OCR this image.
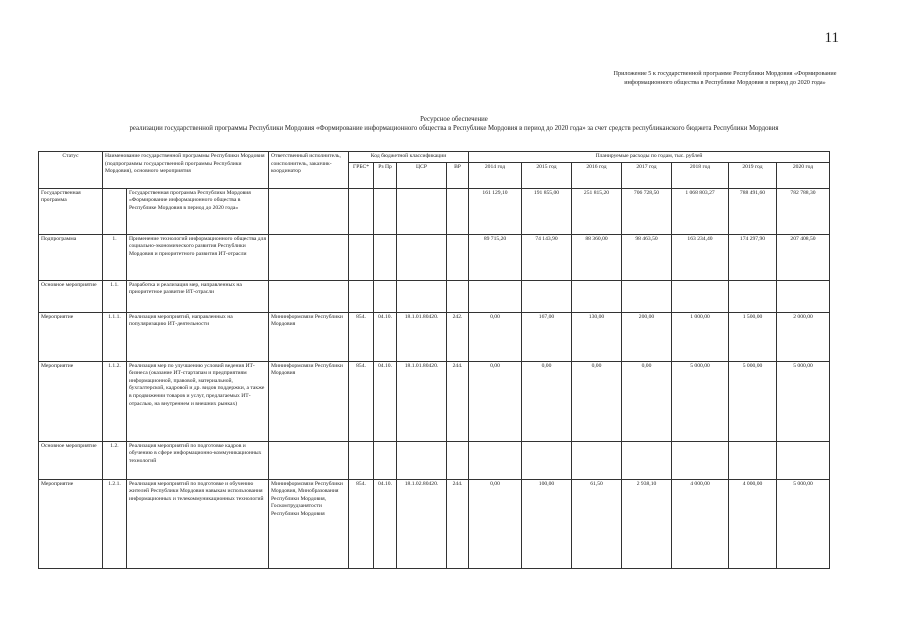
11
Приложение 5 к государственной программе Республики Мордовия «Формирование информационного общества в Республике Мордовия в период до 2020 года»
Ресурсное обеспечение
реализации государственной программы Республики Мордовия «Формирование информационного общества в Республике Мордовия в период до 2020 года» за счет средств республиканского бюджета Республики Мордовия
Статус	Наименование государственной программы Республики Мордовия (подпрограммы государственной программы Республики Мордовия), основного мероприятия		Ответственный исполнитель, соисполнитель, заказчик-координатор	Код бюджетной классификации				Планируемые расходы по годам, тыс. рублей						
				ГРБС*	Рз Пр	ЦСР	ВР	2014 год	2015 год	2016 год	2017 год	2018 год	2019 год	2020 год
Государственная программа		Государственная программа Республики Мордовия «Формирование информационного общества в Республике Мордовия в период до 2020 года»						161 129,10	191 855,00	251 815,20	706 728,50	1 068 803,27	788 491,60	782 788,30
Подпрограмма	1.	Применение технологий информационного общества для социально-экономического развития Республики Мордовия и приоритетного развития ИТ-отрасли						89 715,20	74 143,90	88 360,00	98 463,50	163 234,40	174 297,90	207 408,50
Основное мероприятие	1.1.	Разработка и реализация мер, направленных на приоритетное развитие ИТ-отрасли												
Мероприятие	1.1.1.	Реализация мероприятий, направленных на популяризацию ИТ-деятельности	Мининформсвязи Республики Мордовия	854.	04.10.	18.1.01.80420.	242.	0,00	167,00	130,00	200,00	1 000,00	1 500,00	2 000,00
Мероприятие	1.1.2.	Реализация мер по улучшению условий ведения ИТ-бизнеса (оказание ИТ-стартапам и предприятиям информационной, правовой, материальной, бухгалтерской, кадровой и др. видов поддержки, а также в продвижении товаров и услуг, предлагаемых ИТ-отраслью, на внутреннем и внешних рынках)	Мининформсвязи Республики Мордовия	854.	04.10.	18.1.01.80420.	244.	0,00	0,00	0,00	0,00	5 000,00	5 000,00	5 000,00
Основное мероприятие	1.2.	Реализация мероприятий по подготовке кадров и обучению в сфере информационно-коммуникационных технологий												
Мероприятие	1.2.1.	Реализация мероприятий по подготовке и обучению жителей Республики Мордовия навыкам использования информационных и телекоммуникационных технологий	Мининформсвязи Республики Мордовия, Минобразования Республики Мордовия, Госкомтрудзанятости Республики Мордовия	854.	04.10.	18.1.02.80420.	244.	0,00	100,00	61,50	2 938,10	4 000,00	4 000,00	5 000,00
